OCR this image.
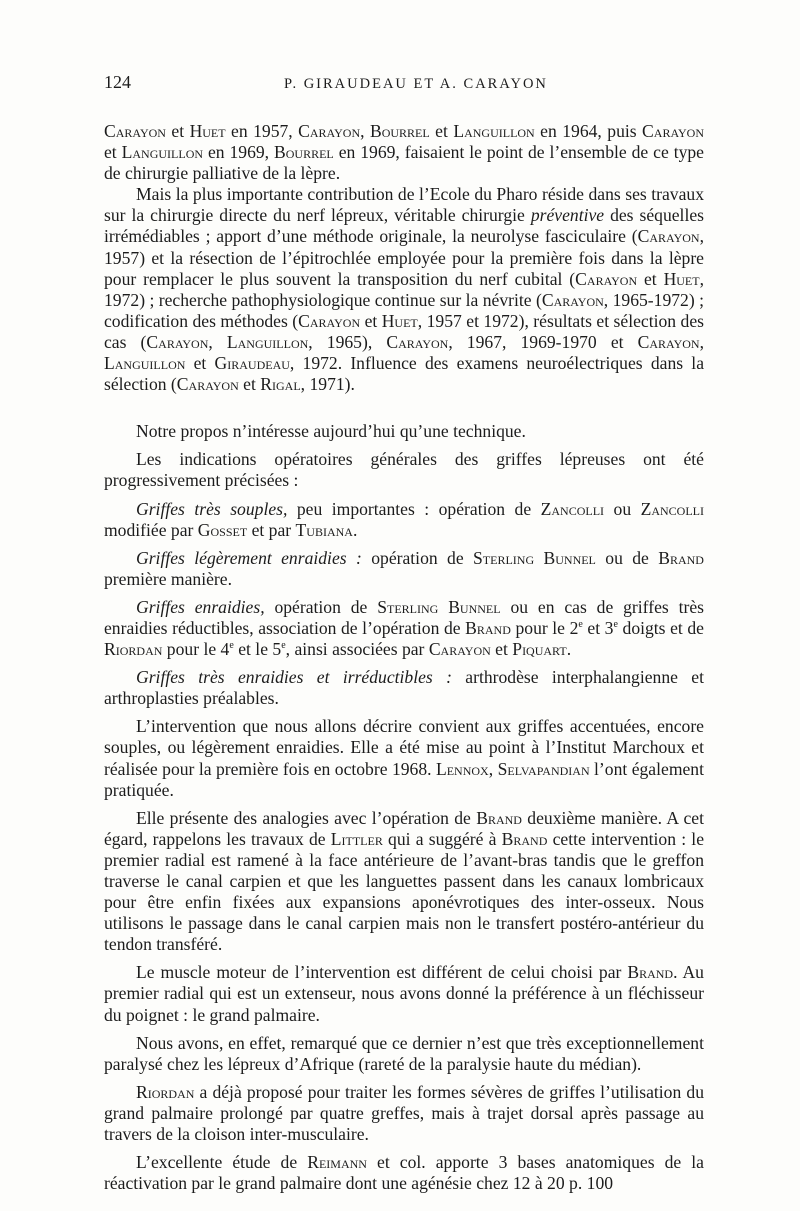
124	P. GIRAUDEAU ET A. CARAYON

Carayon et Huet en 1957, Carayon, Bourrel et Languillon en 1964, puis Carayon et Languillon en 1969, Bourrel en 1969, faisaient le point de l’ensemble de ce type de chirurgie palliative de la lèpre.

Mais la plus importante contribution de l’Ecole du Pharo réside dans ses travaux sur la chirurgie directe du nerf lépreux, véritable chirurgie préventive des séquelles irrémédiables ; apport d’une méthode originale, la neurolyse fasciculaire (Carayon, 1957) et la résection de l’épitrochlée employée pour la première fois dans la lèpre pour remplacer le plus souvent la transposition du nerf cubital (Carayon et Huet, 1972) ; recherche pathophysiologique continue sur la névrite (Carayon, 1965-1972) ; codification des méthodes (Carayon et Huet, 1957 et 1972), résultats et sélection des cas (Carayon, Languillon, 1965), Carayon, 1967, 1969-1970 et Carayon, Languillon et Giraudeau, 1972. Influence des examens neuroélectriques dans la sélection (Carayon et Rigal, 1971).

Notre propos n’intéresse aujourd’hui qu’une technique.

Les indications opératoires générales des griffes lépreuses ont été progressivement précisées :

Griffes très souples, peu importantes : opération de Zancolli ou Zancolli modifiée par Gosset et par Tubiana.

Griffes légèrement enraidies : opération de Sterling Bunnel ou de Brand première manière.

Griffes enraidies, opération de Sterling Bunnel ou en cas de griffes très enraidies réductibles, association de l’opération de Brand pour le 2e et 3e doigts et de Riordan pour le 4e et le 5e, ainsi associées par Carayon et Piquart.

Griffes très enraidies et irréductibles : arthrodèse interphalangienne et arthroplasties préalables.

L’intervention que nous allons décrire convient aux griffes accentuées, encore souples, ou légèrement enraidies. Elle a été mise au point à l’Institut Marchoux et réalisée pour la première fois en octobre 1968. Lennox, Selvapandian l’ont également pratiquée.

Elle présente des analogies avec l’opération de Brand deuxième manière. A cet égard, rappelons les travaux de Littler qui a suggéré à Brand cette intervention : le premier radial est ramené à la face antérieure de l’avant-bras tandis que le greffon traverse le canal carpien et que les languettes passent dans les canaux lombricaux pour être enfin fixées aux expansions aponévrotiques des inter-osseux. Nous utilisons le passage dans le canal carpien mais non le transfert postéro-antérieur du tendon transféré.

Le muscle moteur de l’intervention est différent de celui choisi par Brand. Au premier radial qui est un extenseur, nous avons donné la préférence à un fléchisseur du poignet : le grand palmaire.

Nous avons, en effet, remarqué que ce dernier n’est que très exceptionnellement paralysé chez les lépreux d’Afrique (rareté de la paralysie haute du médian).

Riordan a déjà proposé pour traiter les formes sévères de griffes l’utilisation du grand palmaire prolongé par quatre greffes, mais à trajet dorsal après passage au travers de la cloison inter-musculaire.

L’excellente étude de Reimann et col. apporte 3 bases anatomiques de la réactivation par le grand palmaire dont une agénésie chez 12 à 20 p. 100
